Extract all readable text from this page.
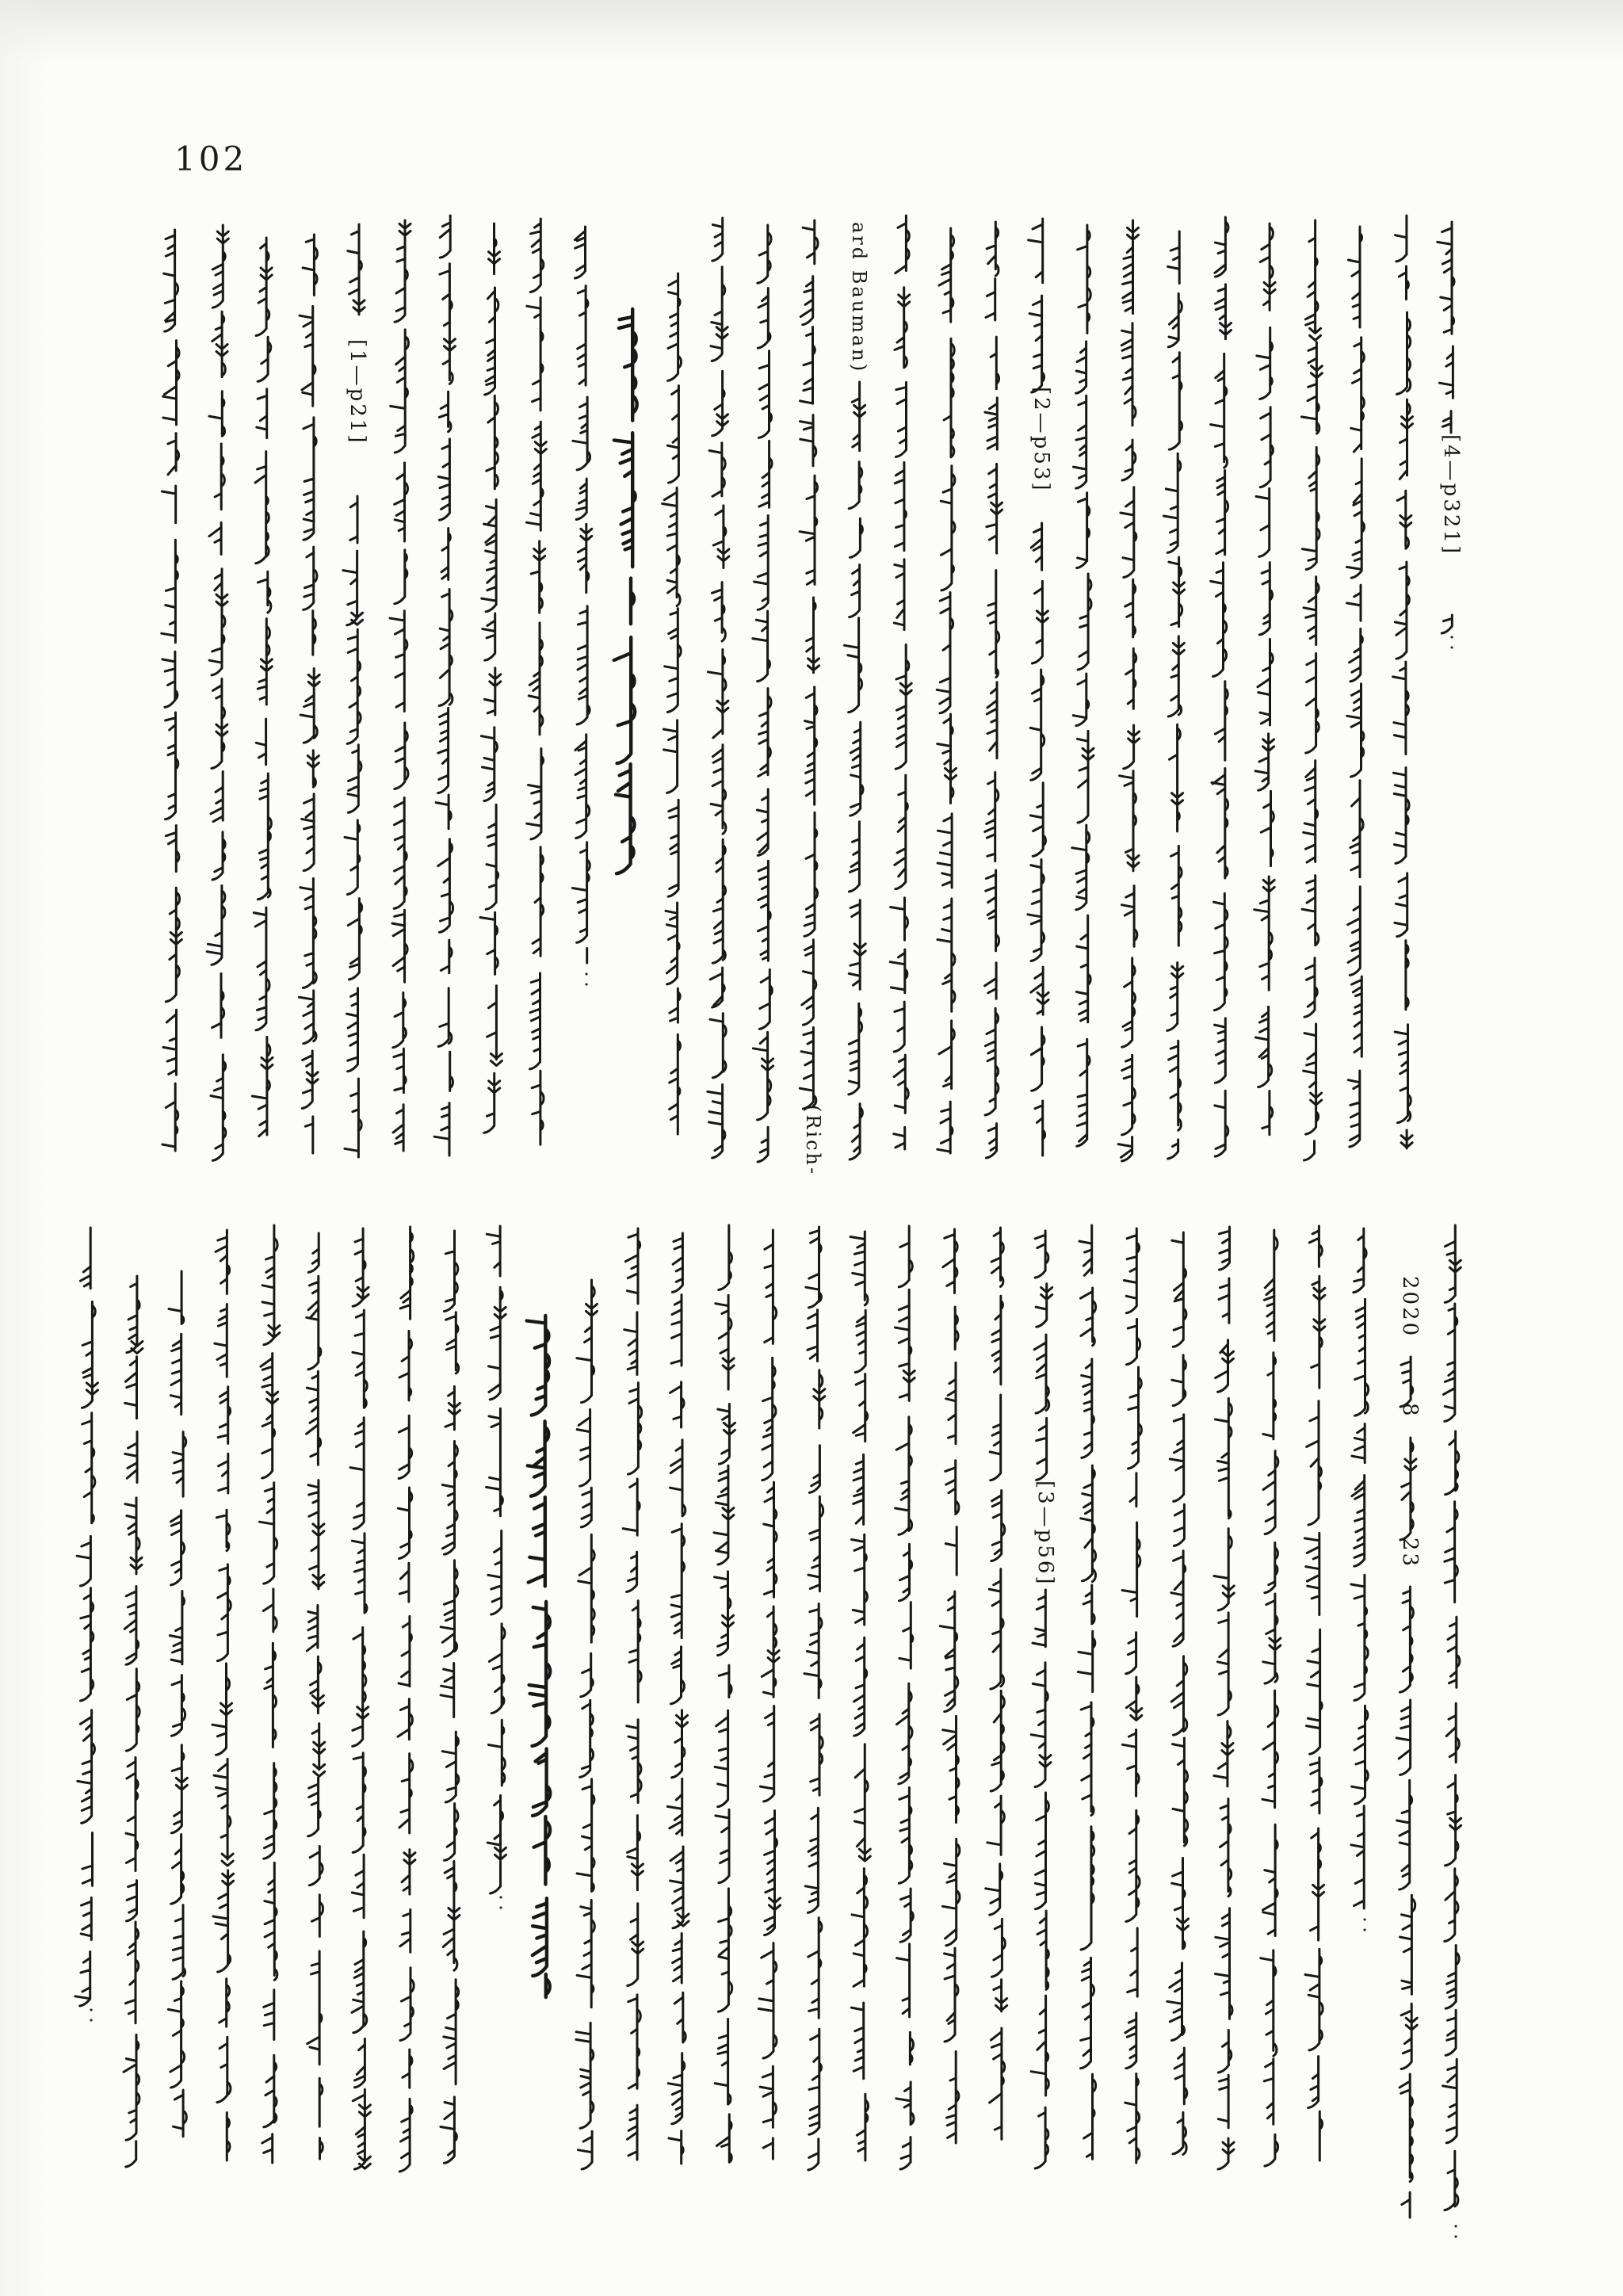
102
[1—p21]	[2—p53]	[4—p321]
(Rich-
ard Bauman)
[3—p56]
2020
8
23
